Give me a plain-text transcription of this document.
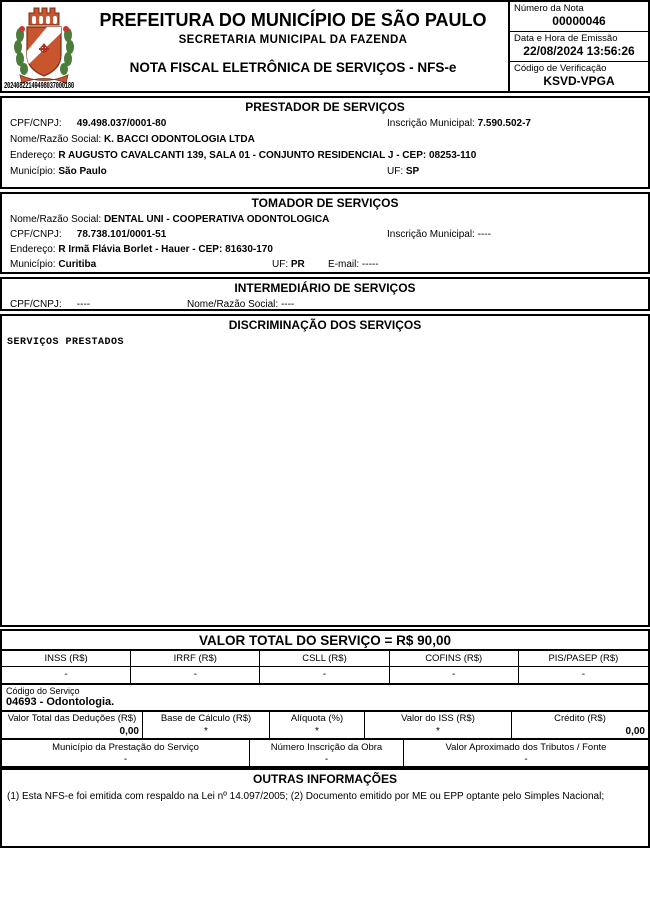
PREFEITURA DO MUNICÍPIO DE SÃO PAULO
SECRETARIA MUNICIPAL DA FAZENDA
NOTA FISCAL ELETRÔNICA DE SERVIÇOS - NFS-e
20240822149498037000180
Número da Nota
00000046
Data e Hora de Emissão
22/08/2024 13:56:26
Código de Verificação
KSVD-VPGA
PRESTADOR DE SERVIÇOS
CPF/CNPJ: 49.498.037/0001-80	Inscrição Municipal: 7.590.502-7
Nome/Razão Social: K. BACCI ODONTOLOGIA LTDA
Endereço: R AUGUSTO CAVALCANTI 139, SALA 01 - CONJUNTO RESIDENCIAL J - CEP: 08253-110
Município: São Paulo	UF: SP
TOMADOR DE SERVIÇOS
Nome/Razão Social: DENTAL UNI - COOPERATIVA ODONTOLOGICA
CPF/CNPJ: 78.738.101/0001-51	Inscrição Municipal: ----
Endereço: R Irmã Flávia Borlet - Hauer - CEP: 81630-170
Município: Curitiba	UF: PR E-mail: -----
INTERMEDIÁRIO DE SERVIÇOS
CPF/CNPJ: ----	Nome/Razão Social: ----
DISCRIMINAÇÃO DOS SERVIÇOS
SERVIÇOS PRESTADOS
VALOR TOTAL DO SERVIÇO = R$ 90,00
INSS (R$)	IRRF (R$)	CSLL (R$)	COFINS (R$)	PIS/PASEP (R$)
-	-	-	-	-
Código do Serviço
04693 - Odontologia.
Valor Total das Deduções (R$)
0,00
Base de Cálculo (R$)
*
Alíquota (%)
*
Valor do ISS (R$)
*
Crédito (R$)
0,00
Município da Prestação do Serviço
-
Número Inscrição da Obra
-
Valor Aproximado dos Tributos / Fonte
-
OUTRAS INFORMAÇÕES
(1) Esta NFS-e foi emitida com respaldo na Lei nº 14.097/2005; (2) Documento emitido por ME ou EPP optante pelo Simples Nacional;
